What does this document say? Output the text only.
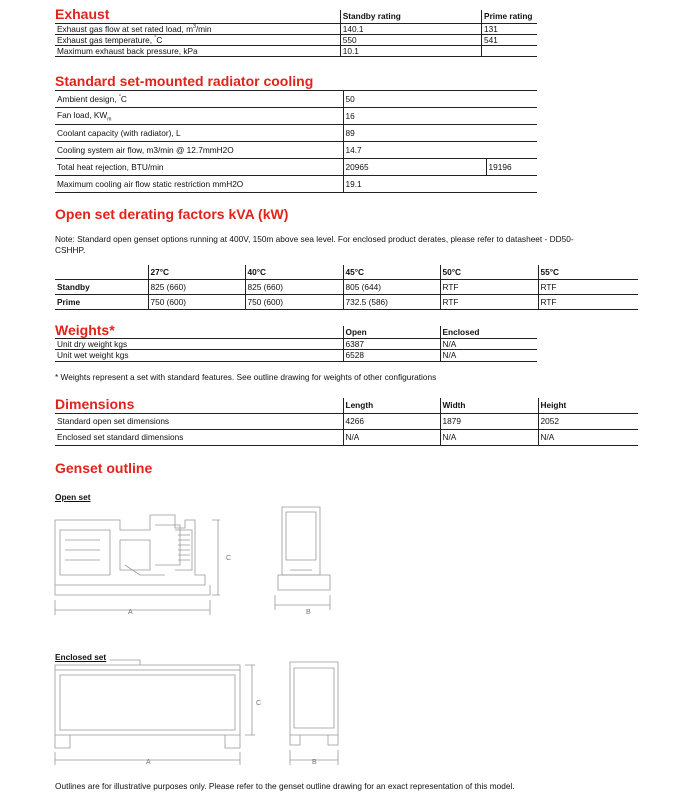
Exhaust
		Standby rating	Prime rating
Exhaust gas flow at set rated load, $m^3/\min$	140.1	131
Exhaust gas temperature, °C	550	541
Maximum exhaust back pressure, kPa	10.1	
Standard set-mounted radiator cooling
Ambient design, °C	50	
Fan load, $KW_m$	16	
Coolant capacity (with radiator), L	89	
Cooling system air flow, m3/min @ 12.7mmH2O	14.7	
Total heat rejection, BTU/min	20965	19196
Maximum cooling air flow static restriction mmH2O	19.1	
Open set derating factors kVA (kW)
Note: Standard open genset options running at 400V, 150m above sea level. For enclosed product derates, please refer to datasheet - DD50-
CSHHP.
	27°C	40°C	45°C	50°C	55°C
Standby	825 (660)	825 (660)	805 (644)	RTF	RTF
Prime	750 (600)	750 (600)	732.5 (586)	RTF	RTF
Weights*
		Open	Enclosed
Unit dry weight kgs	6387	N/A
Unit wet weight kgs	6528	N/A
* Weights represent a set with standard features. See outline drawing for weights of other configurations
Dimensions
		Length	Width	Height
Standard open set dimensions	4266	1879	2052
Enclosed set standard dimensions	N/A	N/A	N/A
Genset outline
Open set
Enclosed set
A	B
C
A	B
C
Outlines are for illustrative purposes only. Please refer to the genset outline drawing for an exact representation of this model.
